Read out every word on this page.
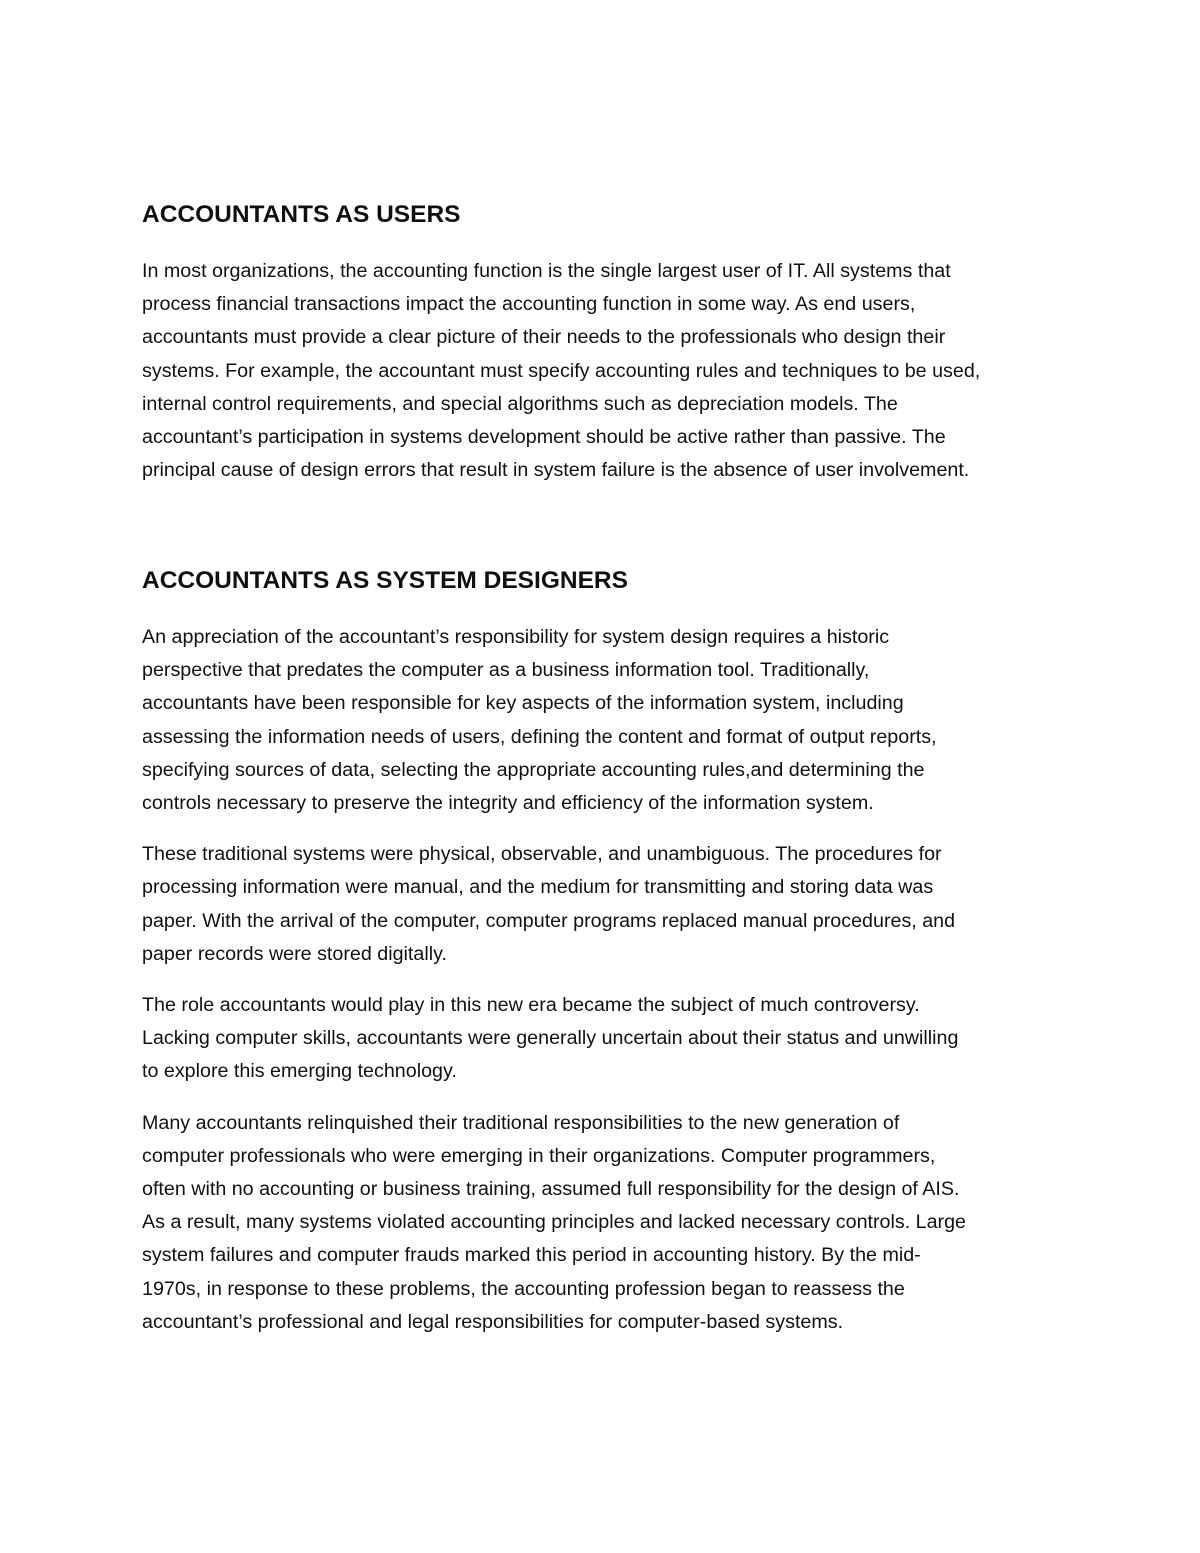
ACCOUNTANTS AS USERS

In most organizations, the accounting function is the single largest user of IT. All systems that
process financial transactions impact the accounting function in some way. As end users,
accountants must provide a clear picture of their needs to the professionals who design their
systems. For example, the accountant must specify accounting rules and techniques to be used,
internal control requirements, and special algorithms such as depreciation models. The
accountant’s participation in systems development should be active rather than passive. The
principal cause of design errors that result in system failure is the absence of user involvement.

ACCOUNTANTS AS SYSTEM DESIGNERS

An appreciation of the accountant’s responsibility for system design requires a historic
perspective that predates the computer as a business information tool. Traditionally,
accountants have been responsible for key aspects of the information system, including
assessing the information needs of users, defining the content and format of output reports,
specifying sources of data, selecting the appropriate accounting rules,and determining the
controls necessary to preserve the integrity and efficiency of the information system.

These traditional systems were physical, observable, and unambiguous. The procedures for
processing information were manual, and the medium for transmitting and storing data was
paper. With the arrival of the computer, computer programs replaced manual procedures, and
paper records were stored digitally.

The role accountants would play in this new era became the subject of much controversy.
Lacking computer skills, accountants were generally uncertain about their status and unwilling
to explore this emerging technology.

Many accountants relinquished their traditional responsibilities to the new generation of
computer professionals who were emerging in their organizations. Computer programmers,
often with no accounting or business training, assumed full responsibility for the design of AIS.
As a result, many systems violated accounting principles and lacked necessary controls. Large
system failures and computer frauds marked this period in accounting history. By the mid-
1970s, in response to these problems, the accounting profession began to reassess the
accountant’s professional and legal responsibilities for computer-based systems.
